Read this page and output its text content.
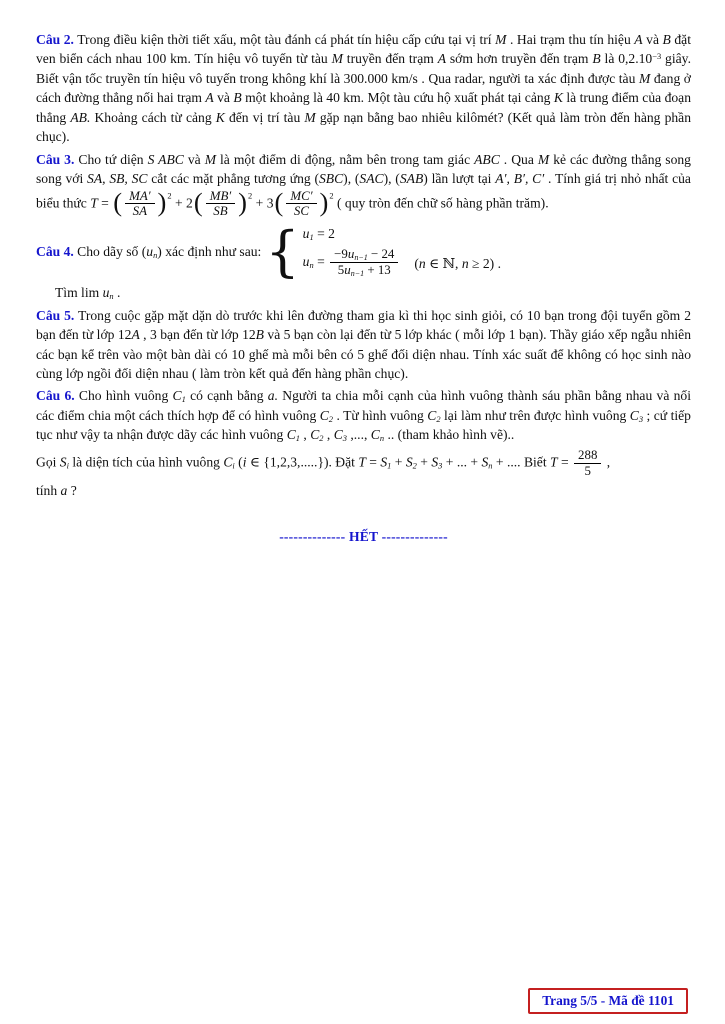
Câu 2. Trong điều kiện thời tiết xấu, một tàu đánh cá phát tín hiệu cấp cứu tại vị trí M . Hai trạm thu tín hiệu A và B đặt ven biển cách nhau 100 km. Tín hiệu vô tuyến từ tàu M truyền đến trạm A sớm hơn truyền đến trạm B là $0,2.10^{-3}$ giây. Biết vận tốc truyền tín hiệu vô tuyến trong không khí là 300.000 km/s . Qua radar, người ta xác định được tàu M đang ở cách đường thẳng nối hai trạm A và B một khoảng là 40 km. Một tàu cứu hộ xuất phát tại cảng K là trung điểm của đoạn thẳng AB. Khoảng cách từ cảng K đến vị trí tàu M gặp nạn bằng bao nhiêu kilômét? (Kết quả làm tròn đến hàng phần chục).

Câu 3. Cho tứ diện S ABC và M là một điểm di động, nằm bên trong tam giác ABC . Qua M kẻ các đường thẳng song song với SA, SB, SC cắt các mặt phẳng tương ứng (SBC), (SAC), (SAB) lần lượt tại A′, B′, C′ . Tính giá trị nhỏ nhất của biểu thức T = ( $\frac{MA'}{SA} )^2 + 2( \frac{MB'}{SB} )^2 + 3( \frac{MC'}{SC} )^2$ ( quy tròn đến chữ số hàng phần trăm).

Câu 4. Cho dãy số $(u_n)$ xác định như sau: { $u_1 = 2$
$u_n = \frac{-9u_{n-1} - 24}{5u_{n-1} + 13} (n$ ∈ ℕ, n ≥ 2) .

Tìm $\lim u_n$ .

Câu 5. Trong cuộc gặp mặt dặn dò trước khi lên đường tham gia kì thi học sinh giỏi, có 10 bạn trong đội tuyển gồm 2 bạn đến từ lớp 12A , 3 bạn đến từ lớp 12B và 5 bạn còn lại đến từ 5 lớp khác ( mỗi lớp 1 bạn). Thầy giáo xếp ngẫu nhiên các bạn kể trên vào một bàn dài có 10 ghế mà mỗi bên có 5 ghế đối diện nhau. Tính xác suất để không có học sinh nào cùng lớp ngồi đối diện nhau ( làm tròn kết quả đến hàng phần chục).

Câu 6. Cho hình vuông $C_1$ có cạnh bằng a. Người ta chia mỗi cạnh của hình vuông thành sáu phần bằng nhau và nối các điểm chia một cách thích hợp để có hình vuông $C_2$ . Từ hình vuông $C_2$ lại làm như trên được hình vuông $C_3$ ; cứ tiếp tục như vậy ta nhận được dãy các hình vuông $C_1$ , $C_2$ , $C_3$ ,..., $C_n$ .. (tham khảo hình vẽ)..

Gọi $S_i$ là diện tích của hình vuông $C_i$ (i ∈ {1,2,3,.....}). Đặt $T = S_1 + S_2 + S_3$ + ... + $S_n$ + .... Biết $T = \frac{288}{5}$ ,

tính a ?

-------------- HẾT --------------

Trang 5/5 - Mã đề 1101
